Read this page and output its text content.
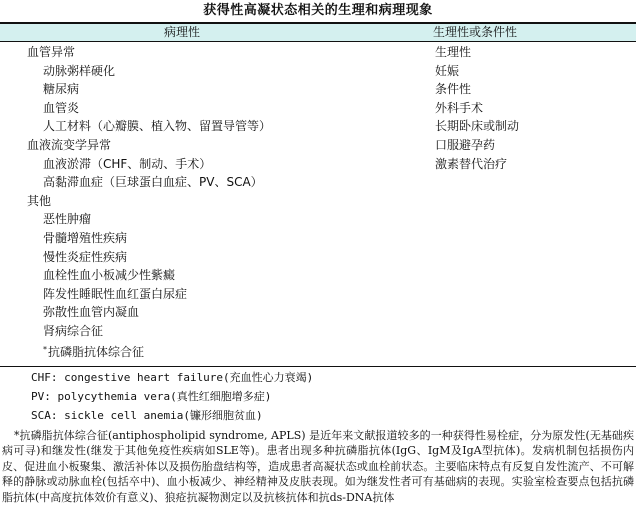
获得性高凝状态相关的生理和病理现象
病理性	生理性或条件性
血管异常
动脉粥样硬化
糖尿病
血管炎
人工材料（心瓣膜、植入物、留置导管等）
血液流变学异常
血液淤滞（CHF、制动、手术）
高黏滞血症（巨球蛋白血症、PV、SCA）
其他
恶性肿瘤
骨髓增殖性疾病
慢性炎症性疾病
血栓性血小板减少性紫癜
阵发性睡眠性血红蛋白尿症
弥散性血管内凝血
肾病综合征
*抗磷脂抗体综合征
生理性
妊娠
条件性
外科手术
长期卧床或制动
口服避孕药
激素替代治疗
CHF: congestive heart failure(充血性心力衰竭)
PV: polycythemia vera(真性红细胞增多症)
SCA: sickle cell anemia(镰形细胞贫血)
*抗磷脂抗体综合征(antiphospholipid syndrome, APLS) 是近年来文献报道较多的一种获得性易栓症，分为原发性(无基础疾病可寻)和继发性(继发于其他免疫性疾病如SLE等)。患者出现多种抗磷脂抗体(IgG、IgM及IgA型抗体)。发病机制包括损伤内皮、促进血小板聚集、激活补体以及损伤胎盘结构等，造成患者高凝状态或血栓前状态。主要临床特点有反复自发性流产、不可解释的静脉或动脉血栓(包括卒中)、血小板减少、神经精神及皮肤表现。如为继发性者可有基础病的表现。实验室检查要点包括抗磷脂抗体(中高度抗体效价有意义)、狼疮抗凝物测定以及抗核抗体和抗ds-DNA抗体
